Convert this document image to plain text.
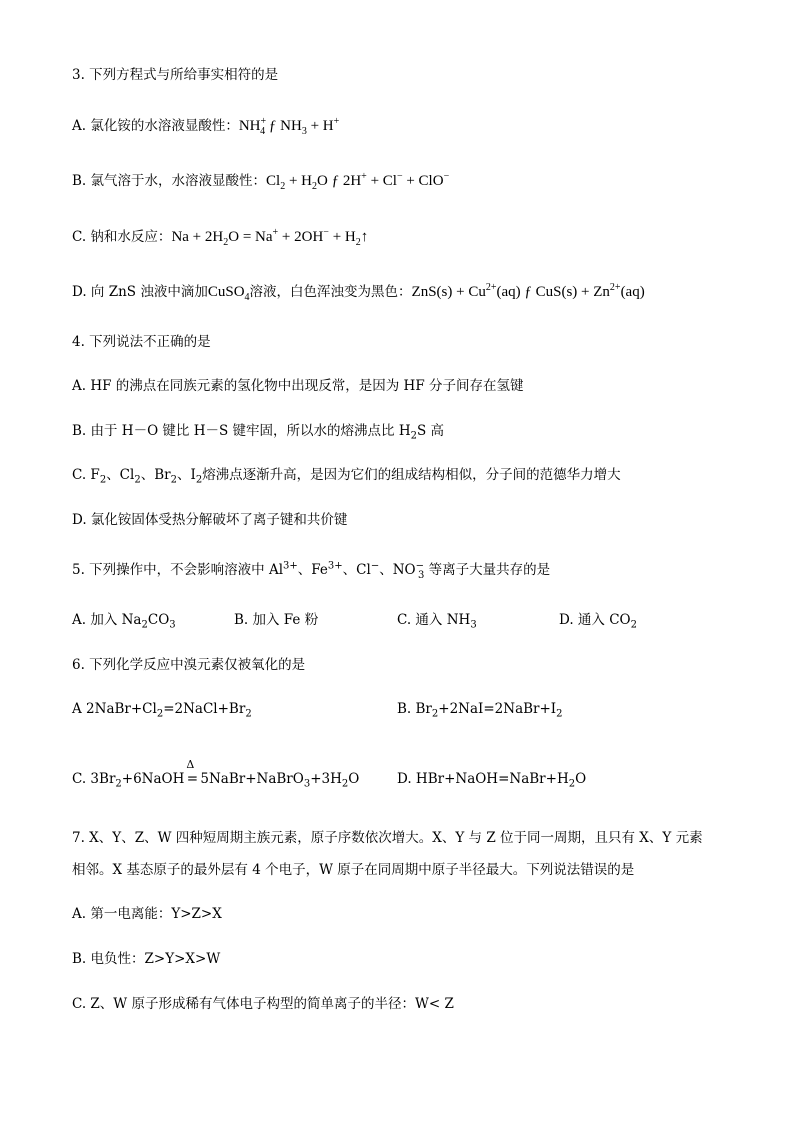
3. 下列方程式与所给事实相符的是
A. 氯化铵的水溶液显酸性：$NH^+_4$ ƒ $NH_3 + H^+$
B. 氯气溶于水，水溶液显酸性：$Cl_2 + H_2O$ ƒ 2H+ + Cl− + ClO−
C. 钠和水反应：$Na + 2H_2O = Na^+ + 2OH^-$ + $H_2↑$
D. 向 ZnS 浊液中滴加CuSO$_4$溶液，白色浑浊变为黑色：$ZnS(s) + Cu^{2+}(aq)$ ƒ $CuS(s) + Zn^{2+}(aq)$
4. 下列说法不正确的是
A. HF 的沸点在同族元素的氢化物中出现反常，是因为 HF 分子间存在氢键
B. 由于 H－O 键比 H－S 键牢固，所以水的熔沸点比 $H_2S$ 高
C. $F_2$、$Cl_2$、$Br_2$、$I_2$熔沸点逐渐升高，是因为它们的组成结构相似，分子间的范德华力增大
D. 氯化铵固体受热分解破坏了离子键和共价键
5. 下列操作中，不会影响溶液中 $Al^{3+}$、$Fe^{3+}$、Cl−、$NO^-_3$ 等离子大量共存的是
A. 加入 $Na_2CO_3$	B. 加入 Fe 粉	C. 通入 $NH_3$	D. 通入 $CO_2$
6. 下列化学反应中溴元素仅被氧化的是
A $2NaBr+Cl_2=2NaCl+Br_2$	B. $Br_2+2NaI=2NaBr+I_2$
C. $3Br_2+6NaOH$
Δ
= $5NaBr+NaBrO_3+3H_2O$	D. $HBr+NaOH=NaBr+H_2O$
7. X、Y、Z、W 四种短周期主族元素，原子序数依次增大。X、Y 与 Z 位于同一周期，且只有 X、Y 元素
相邻。X 基态原子的最外层有 4 个电子，W 原子在同周期中原子半径最大。下列说法错误的是
A. 第一电离能：Y>Z>X
B. 电负性：Z>Y>X>W
C. Z、W 原子形成稀有气体电子构型的简单离子的半径：W< Z
